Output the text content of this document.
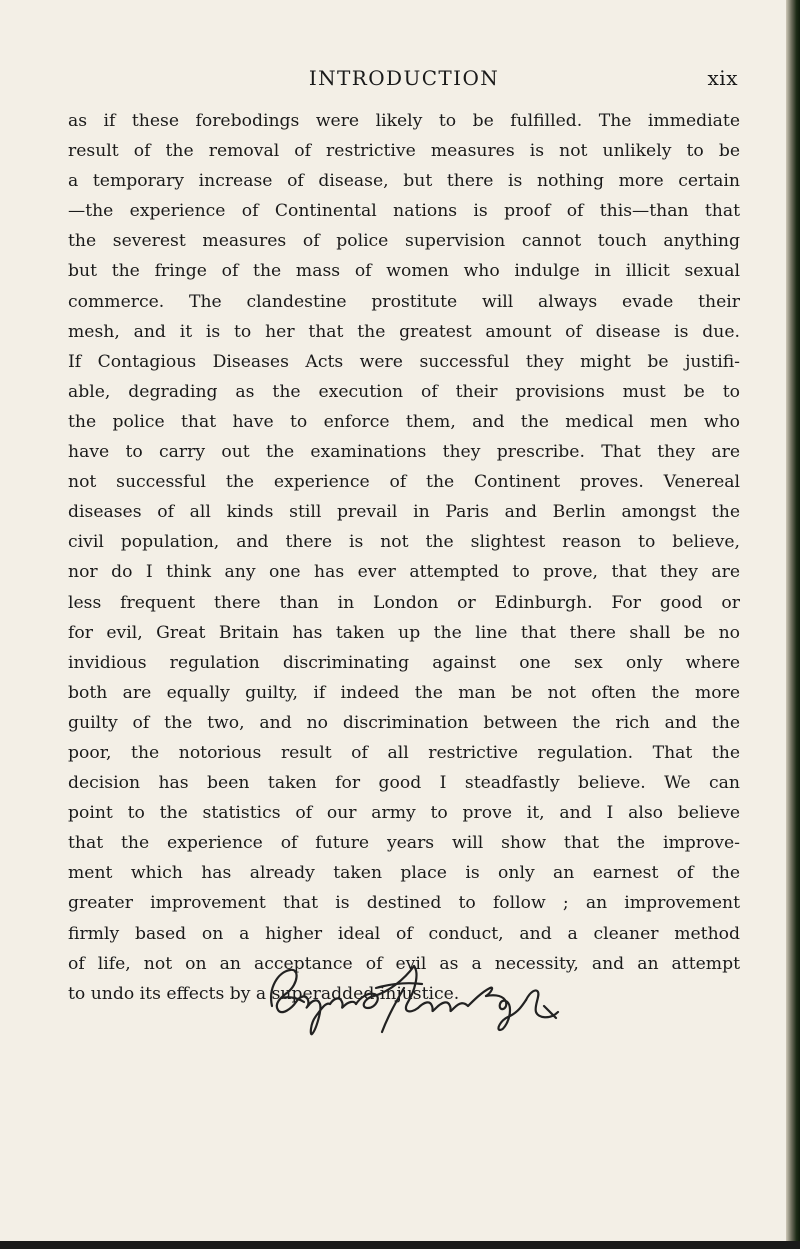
INTRODUCTION	xix
as if these forebodings were likely to be fulfilled. The immediate
result of the removal of restrictive measures is not unlikely to be
a temporary increase of disease, but there is nothing more certain
—the experience of Continental nations is proof of this—than that
the severest measures of police supervision cannot touch anything
but the fringe of the mass of women who indulge in illicit sexual
commerce. The clandestine prostitute will always evade their
mesh, and it is to her that the greatest amount of disease is due.
If Contagious Diseases Acts were successful they might be justifi-
able, degrading as the execution of their provisions must be to
the police that have to enforce them, and the medical men who
have to carry out the examinations they prescribe. That they are
not successful the experience of the Continent proves. Venereal
diseases of all kinds still prevail in Paris and Berlin amongst the
civil population, and there is not the slightest reason to believe,
nor do I think any one has ever attempted to prove, that they are
less frequent there than in London or Edinburgh. For good or
for evil, Great Britain has taken up the line that there shall be no
invidious regulation discriminating against one sex only where
both are equally guilty, if indeed the man be not often the more
guilty of the two, and no discrimination between the rich and the
poor, the notorious result of all restrictive regulation. That the
decision has been taken for good I steadfastly believe. We can
point to the statistics of our army to prove it, and I also believe
that the experience of future years will show that the improve-
ment which has already taken place is only an earnest of the
greater improvement that is destined to follow ; an improvement
firmly based on a higher ideal of conduct, and a cleaner method
of life, not on an acceptance of evil as a necessity, and an attempt
to undo its effects by a superadded injustice.
